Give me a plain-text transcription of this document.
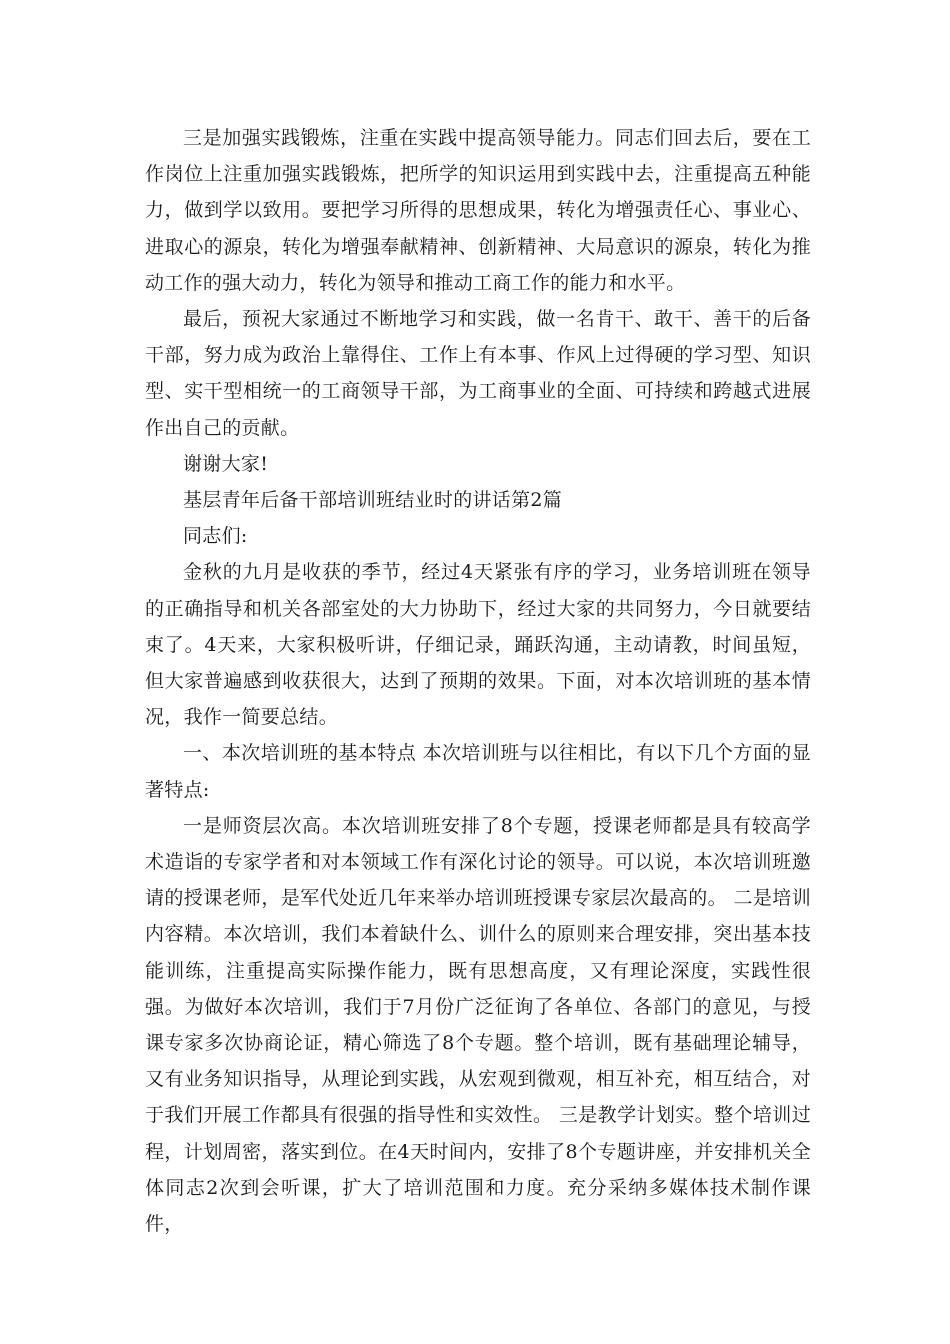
三是加强实践锻炼，注重在实践中提高领导能力。同志们回去后，要在工作岗位上注重加强实践锻炼，把所学的知识运用到实践中去，注重提高五种能力，做到学以致用。要把学习所得的思想成果，转化为增强责任心、事业心、进取心的源泉，转化为增强奉献精神、创新精神、大局意识的源泉，转化为推动工作的强大动力，转化为领导和推动工商工作的能力和水平。

最后，预祝大家通过不断地学习和实践，做一名肯干、敢干、善干的后备干部，努力成为政治上靠得住、工作上有本事、作风上过得硬的学习型、知识型、实干型相统一的工商领导干部，为工商事业的全面、可持续和跨越式进展作出自己的贡献。

谢谢大家!

基层青年后备干部培训班结业时的讲话第2篇

同志们:

金秋的九月是收获的季节，经过4天紧张有序的学习，业务培训班在领导的正确指导和机关各部室处的大力协助下，经过大家的共同努力，今日就要结束了。4天来，大家积极听讲，仔细记录，踊跃沟通，主动请教，时间虽短，但大家普遍感到收获很大，达到了预期的效果。下面，对本次培训班的基本情况，我作一简要总结。

一、本次培训班的基本特点 本次培训班与以往相比，有以下几个方面的显著特点:

一是师资层次高。本次培训班安排了8个专题，授课老师都是具有较高学术造诣的专家学者和对本领域工作有深化讨论的领导。可以说，本次培训班邀请的授课老师，是军代处近几年来举办培训班授课专家层次最高的。 二是培训内容精。本次培训，我们本着缺什么、训什么的原则来合理安排，突出基本技能训练，注重提高实际操作能力，既有思想高度，又有理论深度，实践性很强。为做好本次培训，我们于7月份广泛征询了各单位、各部门的意见，与授课专家多次协商论证，精心筛选了8个专题。整个培训，既有基础理论辅导，又有业务知识指导，从理论到实践，从宏观到微观，相互补充，相互结合，对于我们开展工作都具有很强的指导性和实效性。 三是教学计划实。整个培训过程，计划周密，落实到位。在4天时间内，安排了8个专题讲座，并安排机关全体同志2次到会听课，扩大了培训范围和力度。充分采纳多媒体技术制作课件，
